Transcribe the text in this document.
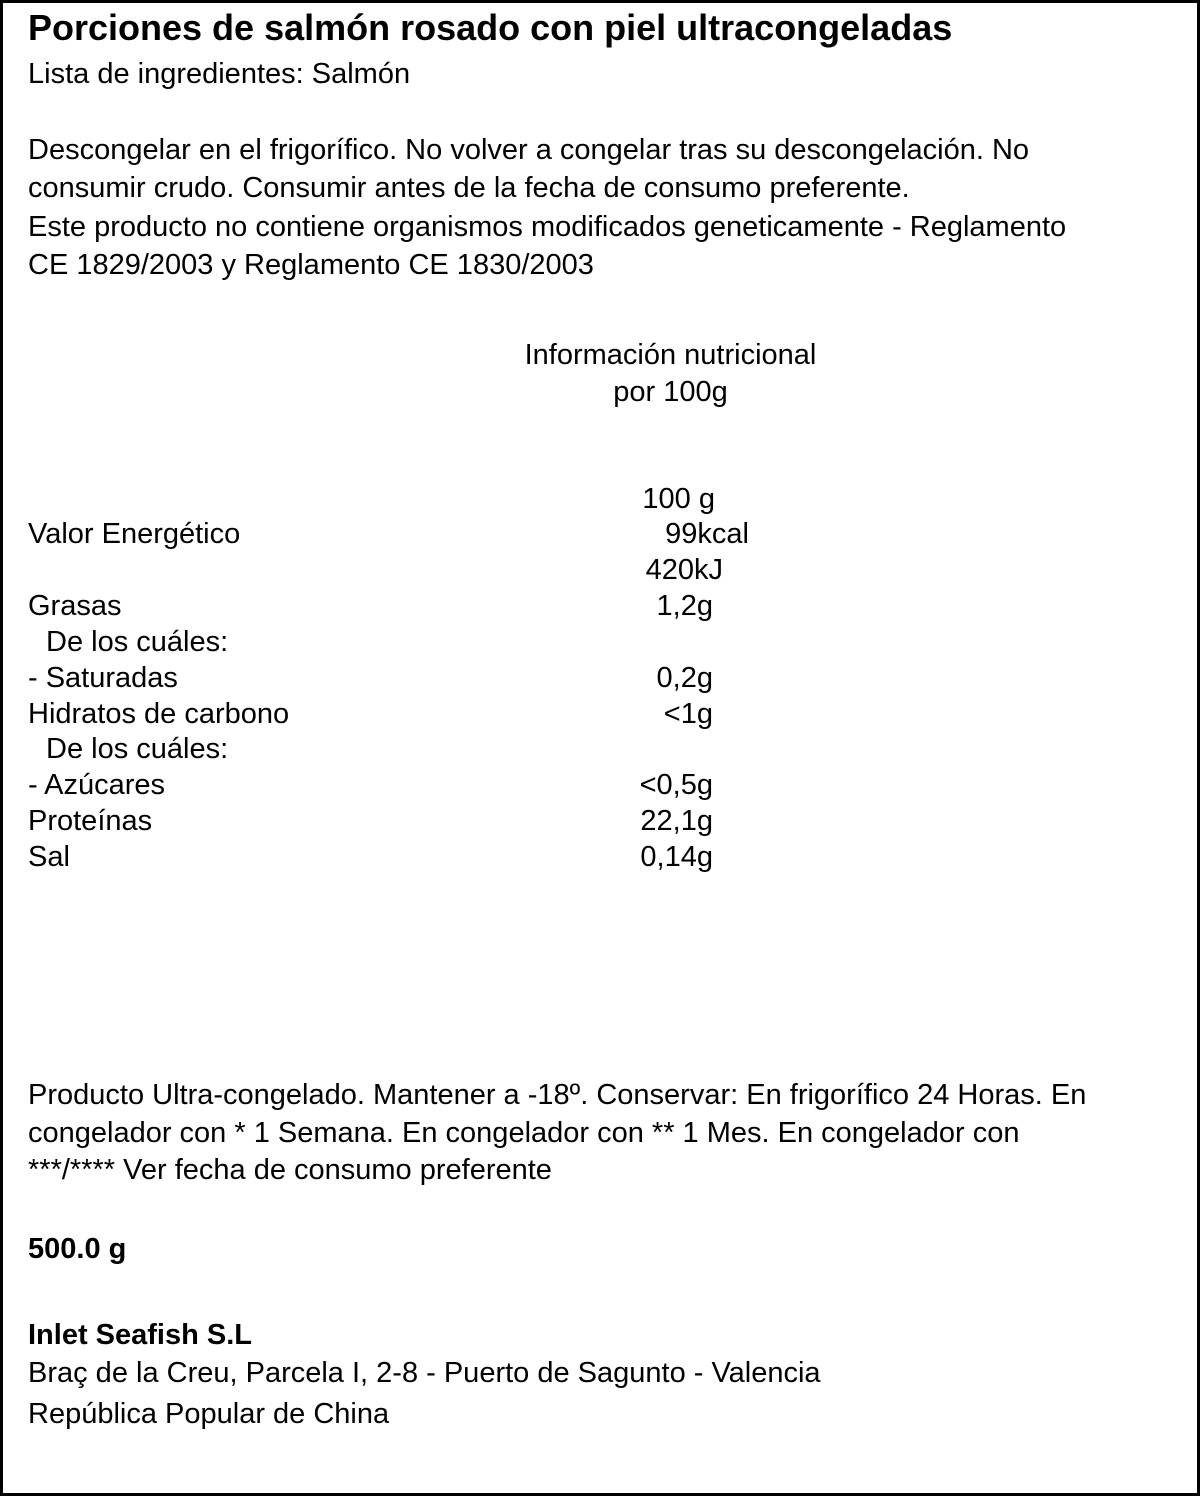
Porciones de salmón rosado con piel ultracongeladas
Lista de ingredientes: Salmón
Descongelar en el frigorífico. No volver a congelar tras su descongelación. No
consumir crudo. Consumir antes de la fecha de consumo preferente.
Este producto no contiene organismos modificados geneticamente - Reglamento
CE 1829/2003 y Reglamento CE 1830/2003
Información nutricional
por 100g
100 g
Valor Energético	99kcal
420kJ
Grasas	1,2g
De los cuáles:
- Saturadas	0,2g
Hidratos de carbono	<1g
De los cuáles:
- Azúcares	<0,5g
Proteínas	22,1g
Sal	0,14g
Producto Ultra-congelado. Mantener a -18º. Conservar: En frigorífico 24 Horas. En
congelador con * 1 Semana. En congelador con ** 1 Mes. En congelador con
***/**** Ver fecha de consumo preferente
500.0 g
Inlet Seafish S.L
Braç de la Creu, Parcela I, 2-8 - Puerto de Sagunto - Valencia
República Popular de China
